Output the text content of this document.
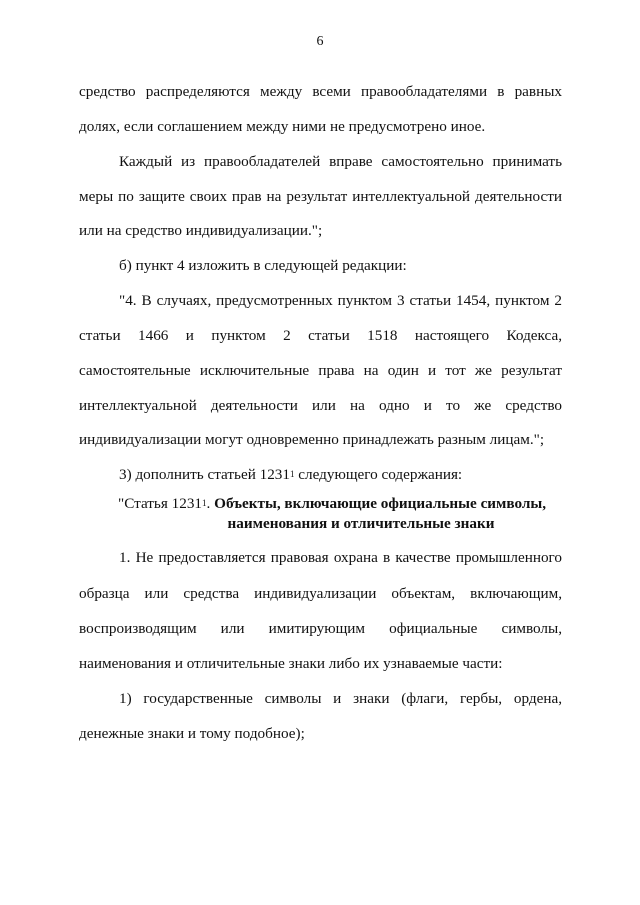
6

средство распределяются между всеми правообладателями в равных

долях, если соглашением между ними не предусмотрено иное.

Каждый из правообладателей вправе самостоятельно принимать

меры по защите своих прав на результат интеллектуальной деятельности

или на средство индивидуализации.";

б) пункт 4 изложить в следующей редакции:

"4. В случаях, предусмотренных пунктом 3 статьи 1454, пунктом 2

статьи 1466 и пунктом 2 статьи 1518 настоящего Кодекса,

самостоятельные исключительные права на один и тот же результат

интеллектуальной деятельности или на одно и то же средство

индивидуализации могут одновременно принадлежать разным лицам.";

3) дополнить статьей 1231$^1$ следующего содержания:

"Статья 1231$^1$. Объекты, включающие официальные символы,
наименования и отличительные знаки

1. Не предоставляется правовая охрана в качестве промышленного

образца или средства индивидуализации объектам, включающим,

воспроизводящим или имитирующим официальные символы,

наименования и отличительные знаки либо их узнаваемые части:

1) государственные символы и знаки (флаги, гербы, ордена,

денежные знаки и тому подобное);
